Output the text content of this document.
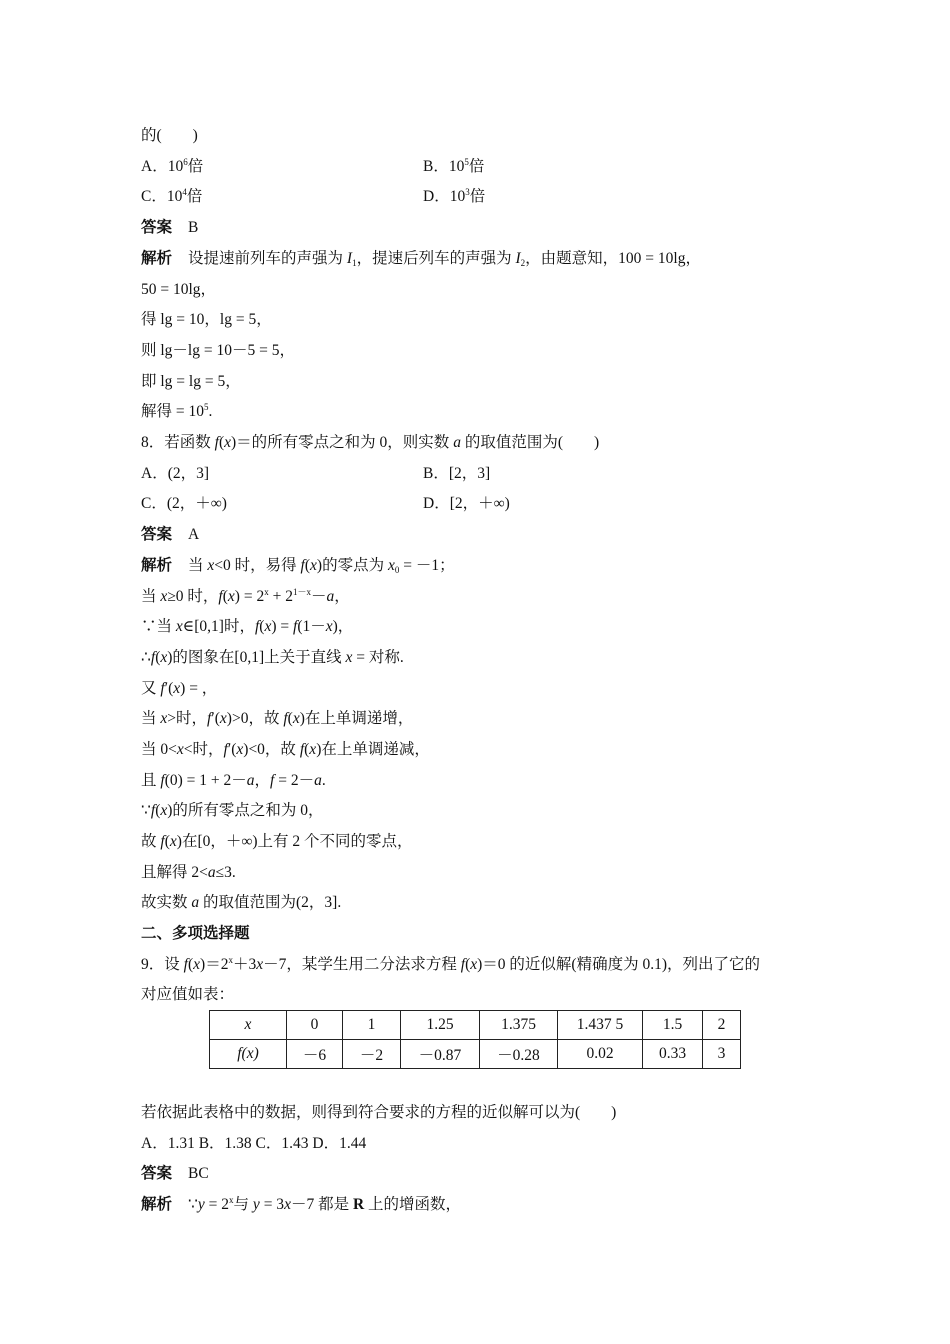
的(　　)
A．$10^6$倍	B．$10^5$倍
C．$10^4$倍	D．$10^3$倍
答案 B
解析 设提速前列车的声强为 $I_1$，提速后列车的声强为 $I_2$，由题意知，100 = 10lg，
50 = 10lg，
得 lg = 10，lg = 5，
则 lg－lg = 10－5 = 5，
即 lg = lg = 5，
解得 = $10^5$.
8．若函数 f(x)＝的所有零点之和为 0，则实数 a 的取值范围为(　　)
A．(2，3]	B．[2，3]
C．(2，＋∞)	D．[2，＋∞)
答案 A
解析 当 x<0 时，易得 f(x)的零点为 $x_0 = -1$；
当 x≥0 时，$f(x) = 2^x + 2^{1-x}-a$，
∵当 x∈[0,1]时，f(x) = f(1－x)，
∴f(x)的图象在[0,1]上关于直线 x = 对称.
又 f′(x) = ，
当 x>时，f′(x)>0，故 f(x)在上单调递增，
当 0<x<时，f′(x)<0，故 f(x)在上单调递减，
且 f(0) = 1 + 2－a，f = 2－a.
∵f(x)的所有零点之和为 0，
故 f(x)在[0，＋∞)上有 2 个不同的零点，
且解得 2<a≤3.
故实数 a 的取值范围为(2，3].
二、多项选择题
9．设 $f(x)=2^x+3x-7$，某学生用二分法求方程 f(x)＝0 的近似解(精确度为 0.1)，列出了它的
对应值如表：
x	0	1	1.25	1.375	1.437 5	1.5	2
f(x)	－6	－2	－0.87	－0.28	0.02	0.33	3
若依据此表格中的数据，则得到符合要求的方程的近似解可以为(　　)
A．1.31 B．1.38 C．1.43 D．1.44
答案 BC
解析 ∵y = $2^x$与 y = 3x－7 都是 R 上的增函数，
